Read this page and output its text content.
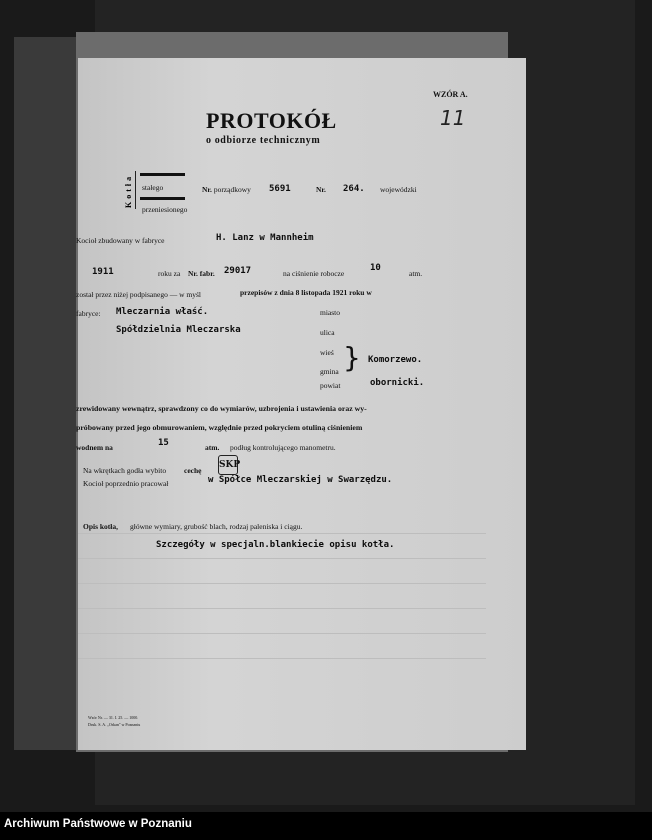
WZÓR A.
11
PROTOKÓŁ
o odbiorze technicznym
Kotła stałego
przeniesionego
Nr. porządkowy 5691	Nr. 264. wojewódzki
Kocioł zbudowany w fabryce	H. Lanz w Mannheim
1911	roku za Nr. fabr. 29017	na ciśnienie robocze
10
atm.
został przez niżej podpisanego — w myśl	przepisów z dnia 8 listopada 1921 roku w
fabryce: Mleczarnia właść.	miasto
Spółdzielnia Mleczarska	ulica
wieś
gmina } Komorzewo.
powiat	obornicki.
zrewidowany wewnątrz, sprawdzony co do wymiarów, uzbrojenia i ustawienia oraz wy-
próbowany przed jego obmurowaniem, względnie przed pokryciem otuliną ciśnieniem
wodnem na	15	atm. podług kontrolującego manometru.
Na wkrętkach godła wybito cechę
SKP
Kocioł poprzednio pracował	w Spółce Mleczarskiej w Swarzędzu.
Opis kotła, główne wymiary, grubość blach, rodzaj paleniska i ciągu.
Szczegóły w specjaln.blankiecie opisu kotła.
Wzór Nr. — 31. I. 25. — 1000.
Druk. S. A. „Orkan" w Poznaniu
Archiwum Państwowe w Poznaniu
